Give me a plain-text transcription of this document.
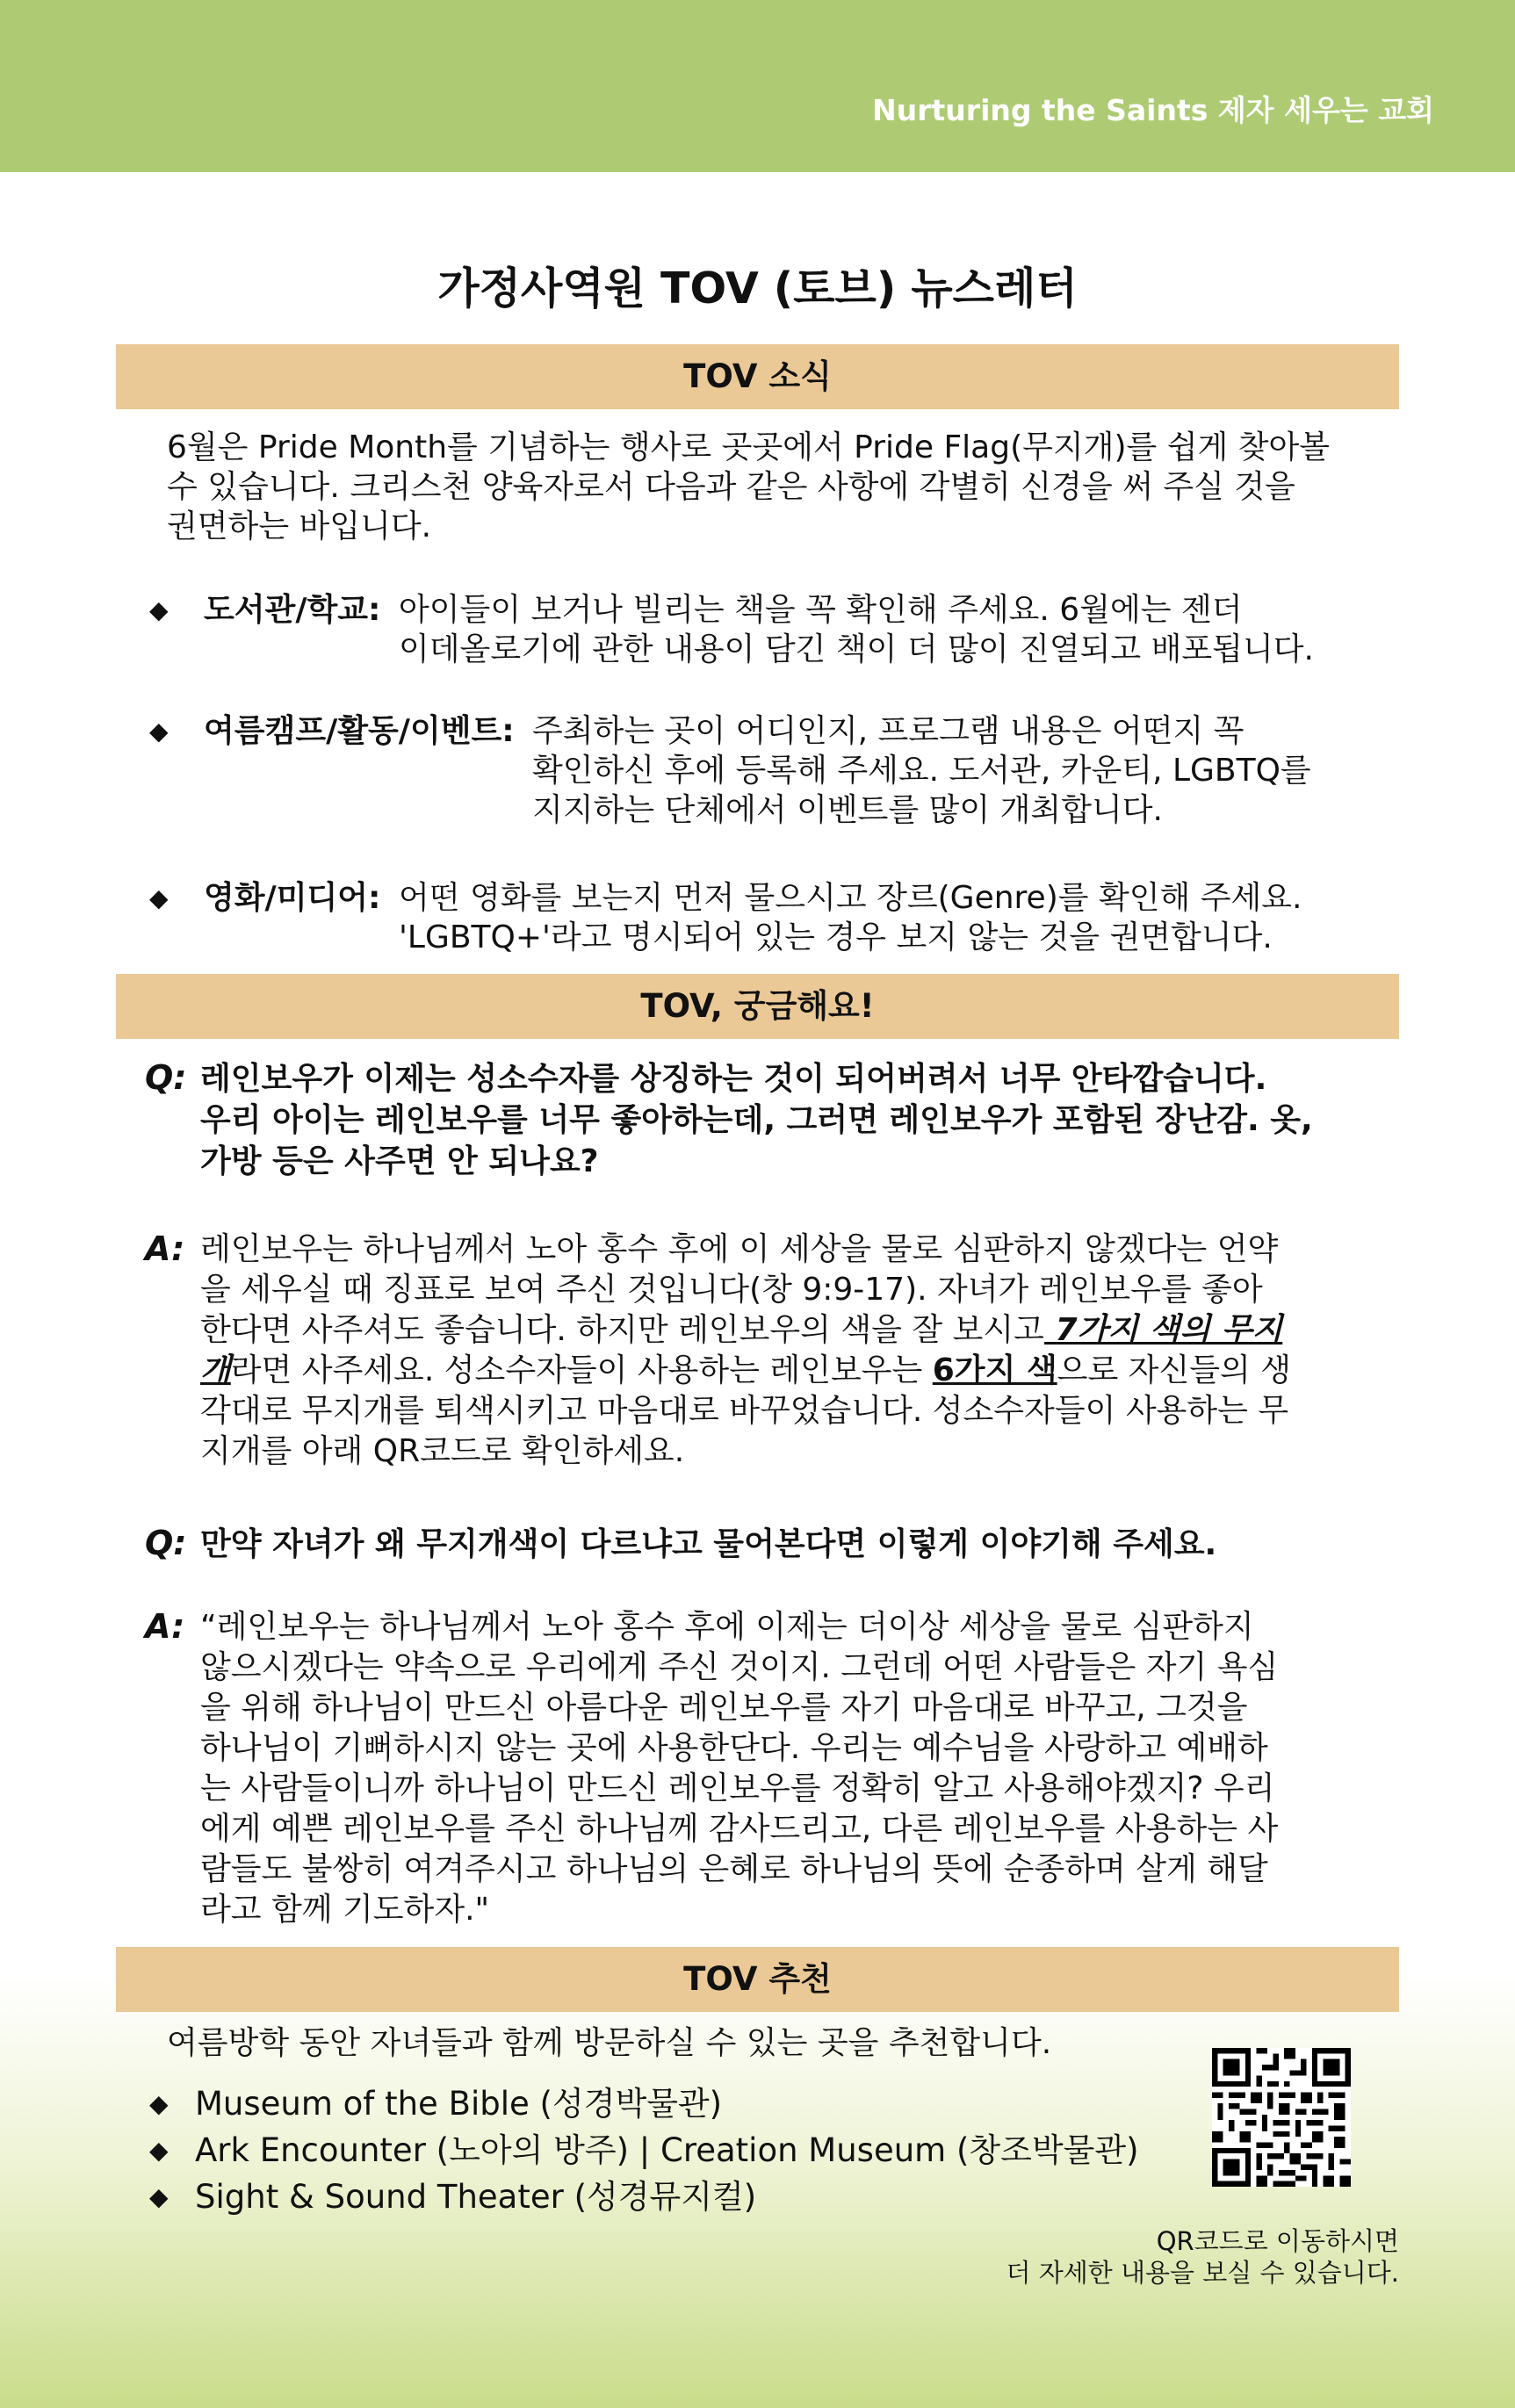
Nurturing the Saints 제자 세우는 교회
가정사역원 TOV (토브) 뉴스레터
TOV 소식
6월은 Pride Month를 기념하는 행사로 곳곳에서 Pride Flag(무지개)를 쉽게 찾아볼
수 있습니다. 크리스천 양육자로서 다음과 같은 사항에 각별히 신경을 써 주실 것을
권면하는 바입니다.
◆ 도서관/학교: 아이들이 보거나 빌리는 책을 꼭 확인해 주세요. 6월에는 젠더
이데올로기에 관한 내용이 담긴 책이 더 많이 진열되고 배포됩니다.
◆ 여름캠프/활동/이벤트: 주최하는 곳이 어디인지, 프로그램 내용은 어떤지 꼭
확인하신 후에 등록해 주세요. 도서관, 카운티, LGBTQ를
지지하는 단체에서 이벤트를 많이 개최합니다.
◆ 영화/미디어: 어떤 영화를 보는지 먼저 물으시고 장르(Genre)를 확인해 주세요.
'LGBTQ+'라고 명시되어 있는 경우 보지 않는 것을 권면합니다.
TOV, 궁금해요!
Q: 레인보우가 이제는 성소수자를 상징하는 것이 되어버려서 너무 안타깝습니다.
우리 아이는 레인보우를 너무 좋아하는데, 그러면 레인보우가 포함된 장난감. 옷,
가방 등은 사주면 안 되나요?
A: 레인보우는 하나님께서 노아 홍수 후에 이 세상을 물로 심판하지 않겠다는 언약
을 세우실 때 징표로 보여 주신 것입니다(창 9:9-17). 자녀가 레인보우를 좋아
한다면 사주셔도 좋습니다. 하지만 레인보우의 색을 잘 보시고 7가지 색의 무지
개라면 사주세요. 성소수자들이 사용하는 레인보우는 6가지 색으로 자신들의 생
각대로 무지개를 퇴색시키고 마음대로 바꾸었습니다. 성소수자들이 사용하는 무
지개를 아래 QR코드로 확인하세요.
Q: 만약 자녀가 왜 무지개색이 다르냐고 물어본다면 이렇게 이야기해 주세요.
A: “레인보우는 하나님께서 노아 홍수 후에 이제는 더이상 세상을 물로 심판하지
않으시겠다는 약속으로 우리에게 주신 것이지. 그런데 어떤 사람들은 자기 욕심
을 위해 하나님이 만드신 아름다운 레인보우를 자기 마음대로 바꾸고, 그것을
하나님이 기뻐하시지 않는 곳에 사용한단다. 우리는 예수님을 사랑하고 예배하
는 사람들이니까 하나님이 만드신 레인보우를 정확히 알고 사용해야겠지? 우리
에게 예쁜 레인보우를 주신 하나님께 감사드리고, 다른 레인보우를 사용하는 사
람들도 불쌍히 여겨주시고 하나님의 은혜로 하나님의 뜻에 순종하며 살게 해달
라고 함께 기도하자."
TOV 추천
여름방학 동안 자녀들과 함께 방문하실 수 있는 곳을 추천합니다.
◆ Museum of the Bible (성경박물관)
◆ Ark Encounter (노아의 방주) | Creation Museum (창조박물관)
◆ Sight & Sound Theater (성경뮤지컬)
QR코드로 이동하시면
더 자세한 내용을 보실 수 있습니다.
